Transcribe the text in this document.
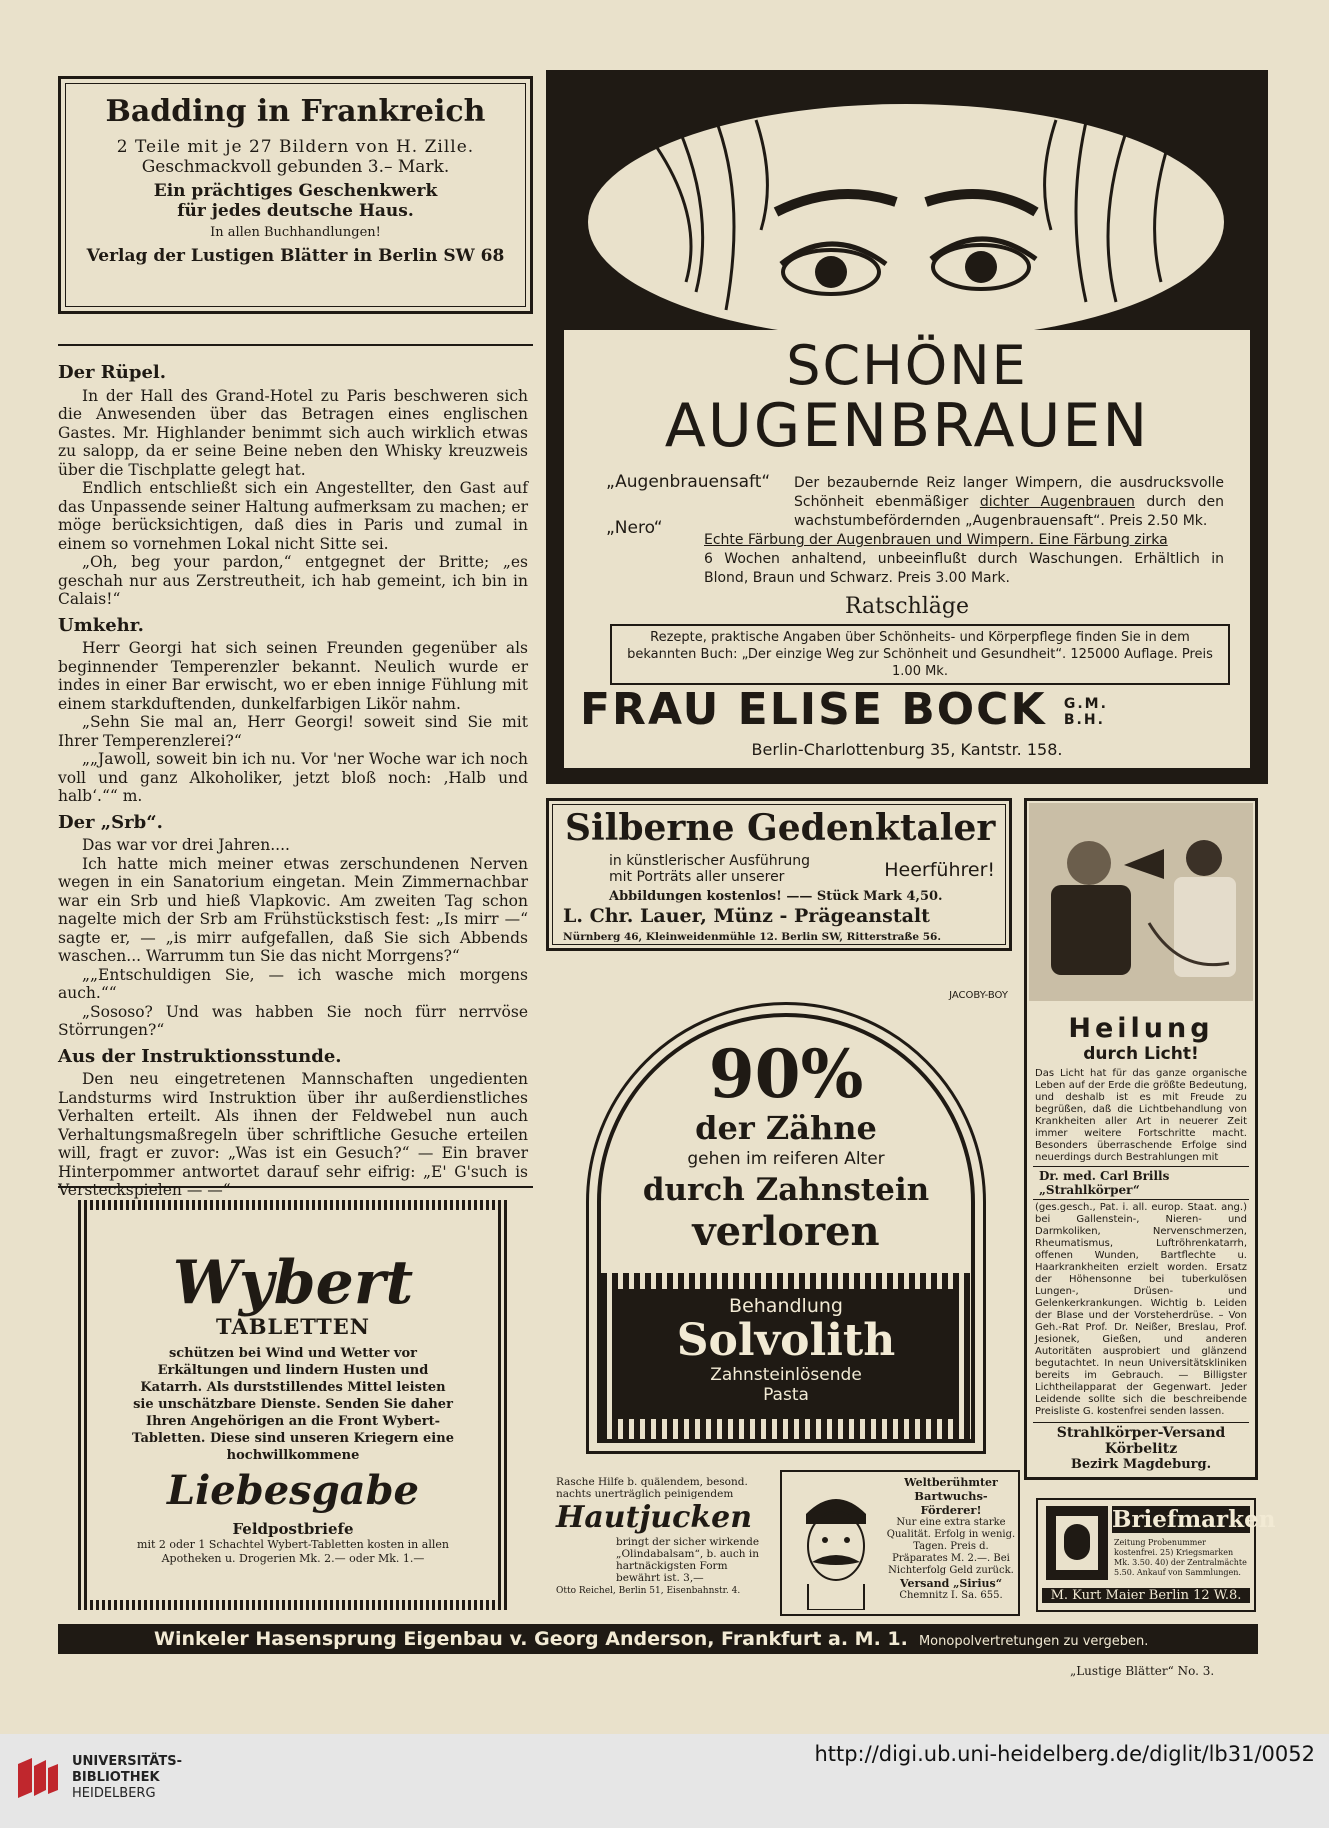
Badding in Frankreich
2 Teile mit je 27 Bildern von H. Zille.
Geschmackvoll gebunden 3.– Mark.
Ein prächtiges Geschenkwerk
für jedes deutsche Haus.
In allen Buchhandlungen!
Verlag der Lustigen Blätter in Berlin SW 68
Der Rüpel.

In der Hall des Grand-Hotel zu Paris beschweren sich die Anwesenden über das Betragen eines englischen Gastes. Mr. Highlander benimmt sich auch wirklich etwas zu salopp, da er seine Beine neben den Whisky kreuzweis über die Tischplatte gelegt hat.

Endlich entschließt sich ein Angestellter, den Gast auf das Unpassende seiner Haltung aufmerksam zu machen; er möge berücksichtigen, daß dies in Paris und zumal in einem so vornehmen Lokal nicht Sitte sei.

„Oh, beg your pardon,“ entgegnet der Britte; „es geschah nur aus Zerstreutheit, ich hab gemeint, ich bin in Calais!“

Umkehr.

Herr Georgi hat sich seinen Freunden gegenüber als beginnender Temperenzler bekannt. Neulich wurde er indes in einer Bar erwischt, wo er eben innige Fühlung mit einem starkduftenden, dunkelfarbigen Likör nahm.

„Sehn Sie mal an, Herr Georgi! soweit sind Sie mit Ihrer Temperenzlerei?“

„„Jawoll, soweit bin ich nu. Vor 'ner Woche war ich noch voll und ganz Alkoholiker, jetzt bloß noch: ‚Halb und halb‘.““ m.

Der „Srb“.

Das war vor drei Jahren....

Ich hatte mich meiner etwas zerschundenen Nerven wegen in ein Sanatorium eingetan. Mein Zimmernachbar war ein Srb und hieß Vlapkovic. Am zweiten Tag schon nagelte mich der Srb am Frühstückstisch fest: „Is mirr —“ sagte er, — „is mirr aufgefallen, daß Sie sich Abbends waschen... Warrumm tun Sie das nicht Morrgens?“

„„Entschuldigen Sie, — ich wasche mich morgens auch.““

„Sososo? Und was habben Sie noch fürr nerrvöse Störrungen?“

Aus der Instruktionsstunde.

Den neu eingetretenen Mannschaften ungedienten Landsturms wird Instruktion über ihr außerdienstliches Verhalten erteilt. Als ihnen der Feldwebel nun auch Verhaltungsmaßregeln über schriftliche Gesuche erteilen will, fragt er zuvor: „Was ist ein Gesuch?“ — Ein braver Hinterpommer antwortet darauf sehr eifrig: „E' G'such is Versteckspielen — —“

Wybert
TABLETTEN
schützen bei Wind und Wetter vor Erkältungen und lindern Husten und Katarrh. Als durststillendes Mittel leisten sie unschätzbare Dienste. Senden Sie daher Ihren Angehörigen an die Front Wybert-Tabletten. Diese sind unseren Kriegern eine hochwillkommene
Liebesgabe
Feldpostbriefe
mit 2 oder 1 Schachtel Wybert-Tabletten kosten in allen Apotheken u. Drogerien Mk. 2.— oder Mk. 1.—
SCHÖNE
AUGENBRAUEN
„Augenbrauensaft“
„Nero“
Der bezaubernde Reiz langer Wimpern, die ausdrucksvolle Schönheit ebenmäßiger dichter Augenbrauen durch den wachstumbefördernden „Augenbrauensaft“. Preis 2.50 Mk.
Echte Färbung der Augenbrauen und Wimpern. Eine Färbung zirka
6 Wochen anhaltend, unbeeinflußt durch Waschungen. Erhältlich in Blond, Braun und Schwarz. Preis 3.00 Mark.
Ratschläge
Rezepte, praktische Angaben über Schönheits- und Körperpflege finden Sie in dem bekannten Buch: „Der einzige Weg zur Schönheit und Gesundheit“. 125000 Auflage. Preis 1.00 Mk.
FRAU ELISE BOCK G.M. B.H.
Berlin-Charlottenburg 35, Kantstr. 158.
Silberne Gedenktaler
in künstlerischer Ausführung
mit Porträts aller unserer	Heerführer!
Abbildungen kostenlos! —— Stück Mark 4,50.
L. Chr. Lauer, Münz - Prägeanstalt
Nürnberg 46, Kleinweidenmühle 12. Berlin SW, Ritterstraße 56.
JACOBY-BOY
90%
der Zähne
gehen im reiferen Alter
durch Zahnstein
verloren
Behandlung
Solvolith
Zahnsteinlösende
Pasta
Heilung
durch Licht!
Das Licht hat für das ganze organische Leben auf der Erde die größte Bedeutung, und deshalb ist es mit Freude zu begrüßen, daß die Lichtbehandlung von Krankheiten aller Art in neuerer Zeit immer weitere Fortschritte macht. Besonders überraschende Erfolge sind neuerdings durch Bestrahlungen mit
Dr. med. Carl Brills „Strahlkörper“
(ges.gesch., Pat. i. all. europ. Staat. ang.) bei Gallenstein-, Nieren- und Darmkoliken, Nervenschmerzen, Rheumatismus, Luftröhrenkatarrh, offenen Wunden, Bartflechte u. Haarkrankheiten erzielt worden. Ersatz der Höhensonne bei tuberkulösen Lungen-, Drüsen- und Gelenkerkrankungen. Wichtig b. Leiden der Blase und der Vorsteherdrüse. – Von Geh.-Rat Prof. Dr. Neißer, Breslau, Prof. Jesionek, Gießen, und anderen Autoritäten ausprobiert und glänzend begutachtet. In neun Universitätskliniken bereits im Gebrauch. — Billigster Lichtheilapparat der Gegenwart. Jeder Leidende sollte sich die beschreibende Preisliste G. kostenfrei senden lassen.
Strahlkörper-Versand Körbelitz
Bezirk Magdeburg.
Rasche Hilfe b. quälendem, besond. nachts unerträglich peinigendem
Hautjucken
bringt der sicher wirkende „Olindabalsam“, b. auch in hartnäckigsten Form bewährt ist. 3,—
Otto Reichel, Berlin 51, Eisenbahnstr. 4.
Weltberühmter
Bartwuchs-Förderer!
Nur eine extra starke Qualität. Erfolg in wenig. Tagen. Preis d. Präparates M. 2.—. Bei Nichterfolg Geld zurück.
Versand „Sirius“
Chemnitz I. Sa. 655.
Briefmarken
Zeitung Probenummer kostenfrei. 25) Kriegsmarken Mk. 3.50. 40) der Zentralmächte 5.50. Ankauf von Sammlungen.
M. Kurt Maier Berlin 12 W.8.
Winkeler Hasensprung Eigenbau v. Georg Anderson, Frankfurt a. M. 1. Monopolvertretungen zu vergeben.
„Lustige Blätter“ No. 3.
UNIVERSITÄTS-
BIBLIOTHEK
HEIDELBERG
http://digi.ub.uni-heidelberg.de/diglit/lb31/0052
